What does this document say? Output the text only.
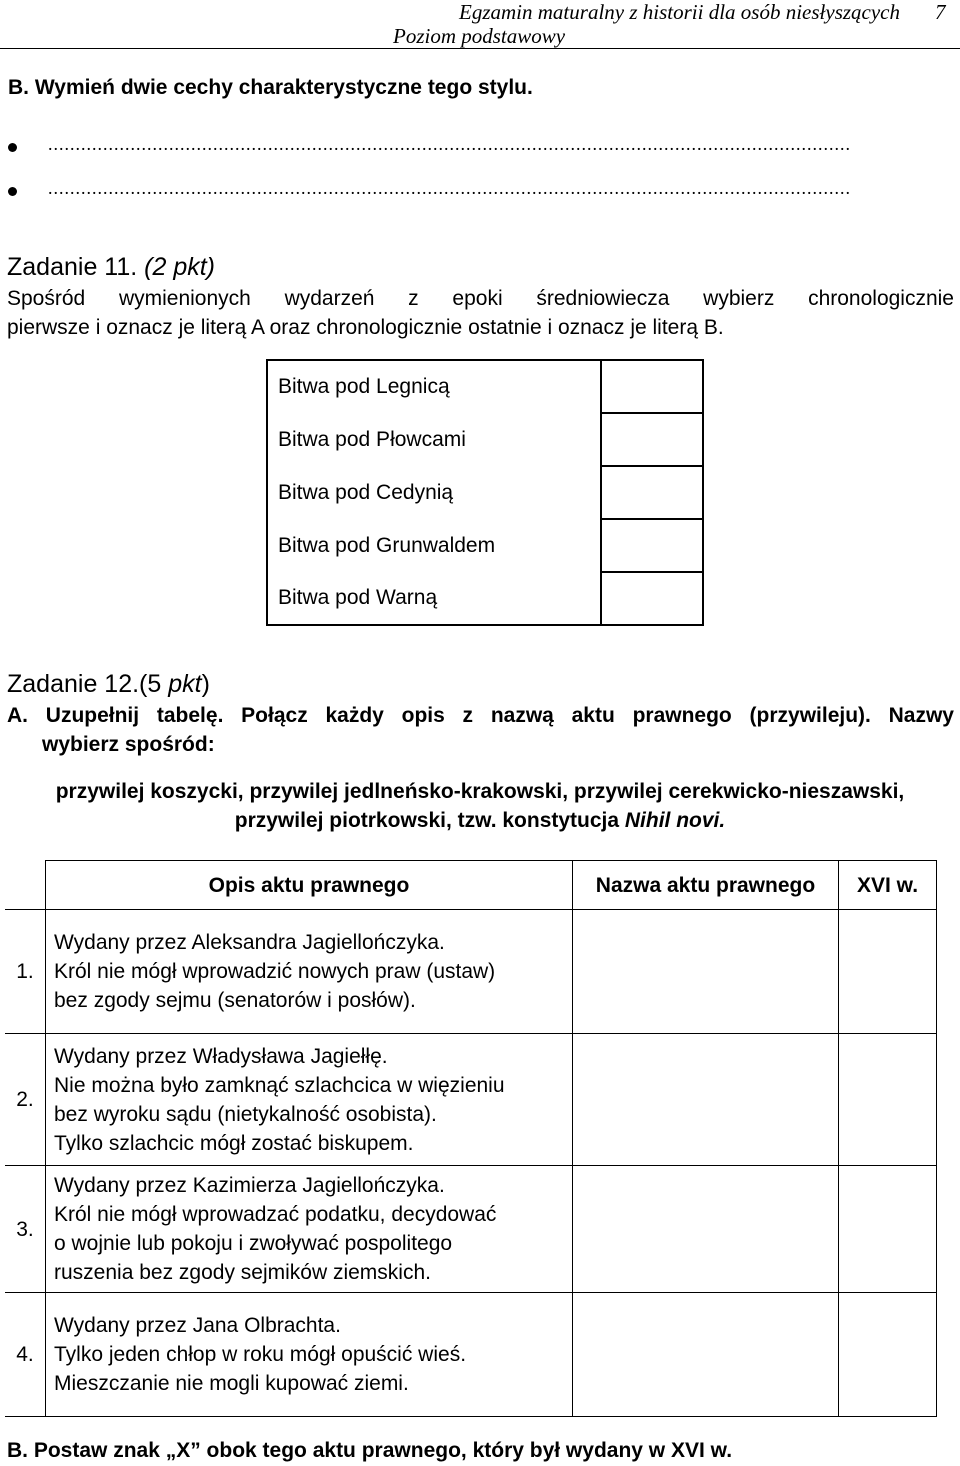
Egzamin maturalny z historii dla osób niesłyszących 7
Poziom podstawowy
B. Wymień dwie cechy charakterystyczne tego stylu.
..................................................................................................................................................
..................................................................................................................................................
Zadanie 11. (2 pkt)
Spośród wymienionych wydarzeń z epoki średniowiecza wybierz chronologicznie
pierwsze i oznacz je literą A oraz chronologicznie ostatnie i oznacz je literą B.
Bitwa pod Legnicą	
Bitwa pod Płowcami	
Bitwa pod Cedynią	
Bitwa pod Grunwaldem	
Bitwa pod Warną	
Zadanie 12.(5 pkt)
A. Uzupełnij tabelę. Połącz każdy opis z nazwą aktu prawnego (przywileju). Nazwy
wybierz spośród:
przywilej koszycki, przywilej jedlneńsko-krakowski, przywilej cerekwicko-nieszawski,
przywilej piotrkowski, tzw. konstytucja Nihil novi.
	Opis aktu prawnego	Nazwa aktu prawnego	XVI w.
1.	Wydany przez Aleksandra Jagiellończyka.
Król nie mógł wprowadzić nowych praw (ustaw)
bez zgody sejmu (senatorów i posłów).		

2.	Wydany przez Władysława Jagiełłę.
Nie można było zamknąć szlachcica w więzieniu
bez wyroku sądu (nietykalność osobista).
Tylko szlachcic mógł zostać biskupem.		

3.	Wydany przez Kazimierza Jagiellończyka.
Król nie mógł wprowadzać podatku, decydować
o wojnie lub pokoju i zwoływać pospolitego
ruszenia bez zgody sejmików ziemskich.		

4.	Wydany przez Jana Olbrachta.
Tylko jeden chłop w roku mógł opuścić wieś.
Mieszczanie nie mogli kupować ziemi.		

B. Postaw znak „X” obok tego aktu prawnego, który był wydany w XVI w.
